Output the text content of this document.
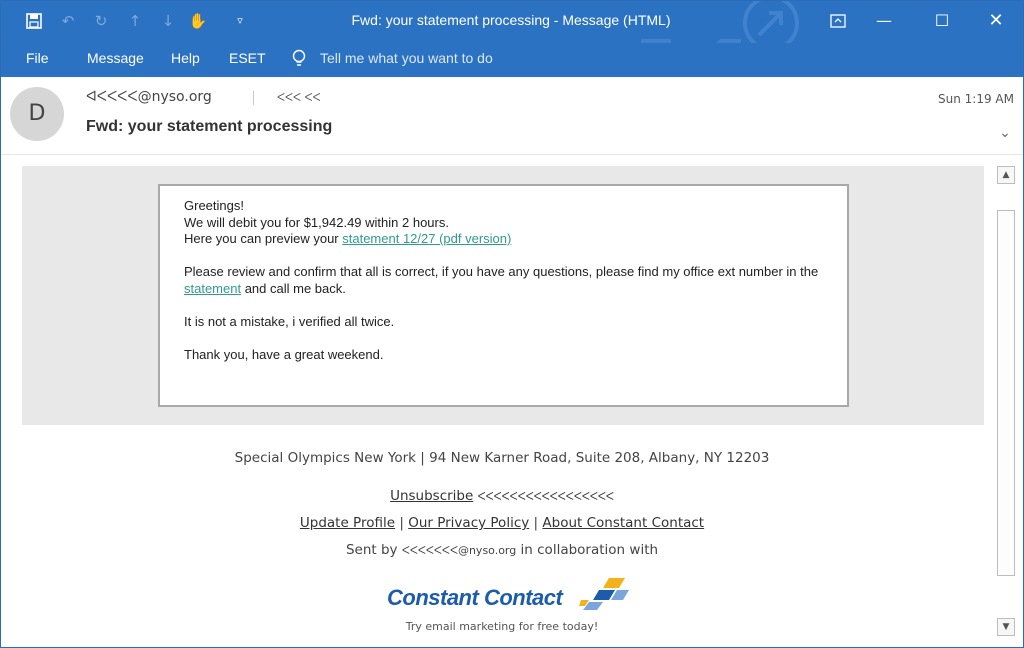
↶	↻	↑	↓ ✋	▿	Fwd: your statement processing - Message (HTML)	—	☐	✕
File	Message Help ESET	Tell me what you want to do
D
ᐊᐸᐸᐸᐸ@nyso.org	ᐸᐸᐸ ᐸᐸ
Fwd: your statement processing
Sun 1:19 AM
⌄
Greetings!
We will debit you for $1,942.49 within 2 hours.

Here you can preview your statement 12/27 (pdf version)

Please review and confirm that all is correct, if you have any questions, please find my office ext number in the statement and call me back.

It is not a mistake, i verified all twice.

Thank you, have a great weekend.

Special Olympics New York | 94 New Karner Road, Suite 208, Albany, NY 12203
Unsubscribe ᐸᐸᐸᐸᐸᐸᐸᐸᐸᐸᐸᐸᐸᐸᐸᐸᐸ
Update Profile | Our Privacy Policy | About Constant Contact
Sent by ᐸᐸᐸᐸᐸᐸᐸ@nyso.org in collaboration with
Constant Contact
Try email marketing for free today!
▲
▼
